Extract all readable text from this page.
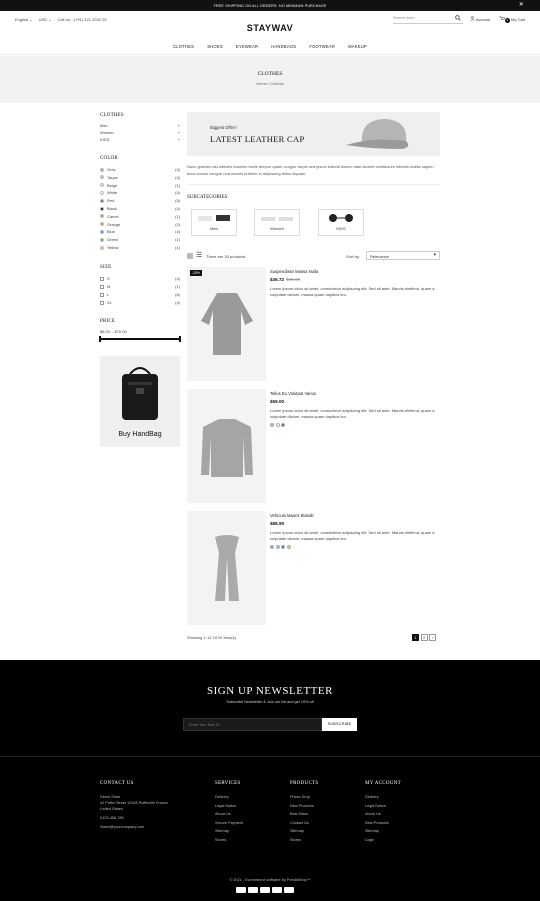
FREE SHIPPING ON ALL ORDERS. NO MINIMUM PURCHASE	✕
English ⌄ USD ⌄ Call Us : (+91) 121 2032 25
STAYWAV
Search here...	Account	0 My Cart
CLOTHES	SHOES	EYEWEAR	HANDBAGS	FOOTWEAR	MAKEUP
CLOTHES
Home / Clothes
CLOTHES
Men	+
Women	+
KIDS	+
COLOR
Grey	(4)
Taupe	(4)
Beige	(1)
White	(4)
Red	(5)
Black	(4)
Camel	(1)
Orange	(2)
Blue	(4)
Green	(1)
Yellow	(1)
SIZE
S	(4)
M	(1)
L	(6)
XL	(4)
PRICE
$8.00 – $76.00
Buy HandBag
Biggest Offer!!
LATEST LEATHER CAP
Nunc gravida nisl ultricies lobortis mollis tempor quam congue turpis sed ipsum blandit donec vitae laoreet vestibulum lobortis mattis sapien bera cursus congue una mauris pretium in adipiscing tellus elquam.
SUBCATEGORIES
Men	Women	KIDS
☰ There are 20 products.	Sort by:	Relevance	▾
-20%	Suspendisse Massa Nulla
$36.72 $45.90
Lorem ipsum dolor sit amet, consectetur adipiscing elit. Sed sit ante. Mauris eleifend, quam a vulputate dictum, massa quam dapibus leo.
Tellus Eu Volutpat Varius
$59.00
Lorem ipsum dolor sit amet, consectetur adipiscing elit. Sed sit ante. Mauris eleifend, quam a vulputate dictum, massa quam dapibus leo.
Vehicula Mauris Blandit
$88.90
Lorem ipsum dolor sit amet, consectetur adipiscing elit. Sed sit ante. Mauris eleifend, quam a vulputate dictum, massa quam dapibus leo.
Showing 1-12 Of 20 Item(s)	1	2	›
SIGN UP NEWSLETTER
Subscribe Newsletter & Join our list and get 15% off
Enter Your Mail ID	SUBSCRIBE
CONTACT US
Demo Store
42 Puffin Street 12345 Puffinville France
United States
0123-456-789
Sales@yourcompany.com
SERVICES
Delivery
Legal Notice
About Us
Secure Payment
Sitemap
Stores
PRODUCTS
Prices Drop
New Products
Best Sales
Contact Us
Sitemap
Stores
MY ACCOUNT
Delivery
Legal Notice
About Us
New Products
Sitemap
Login
© 2021 - Ecommerce software by PrestaShop™
